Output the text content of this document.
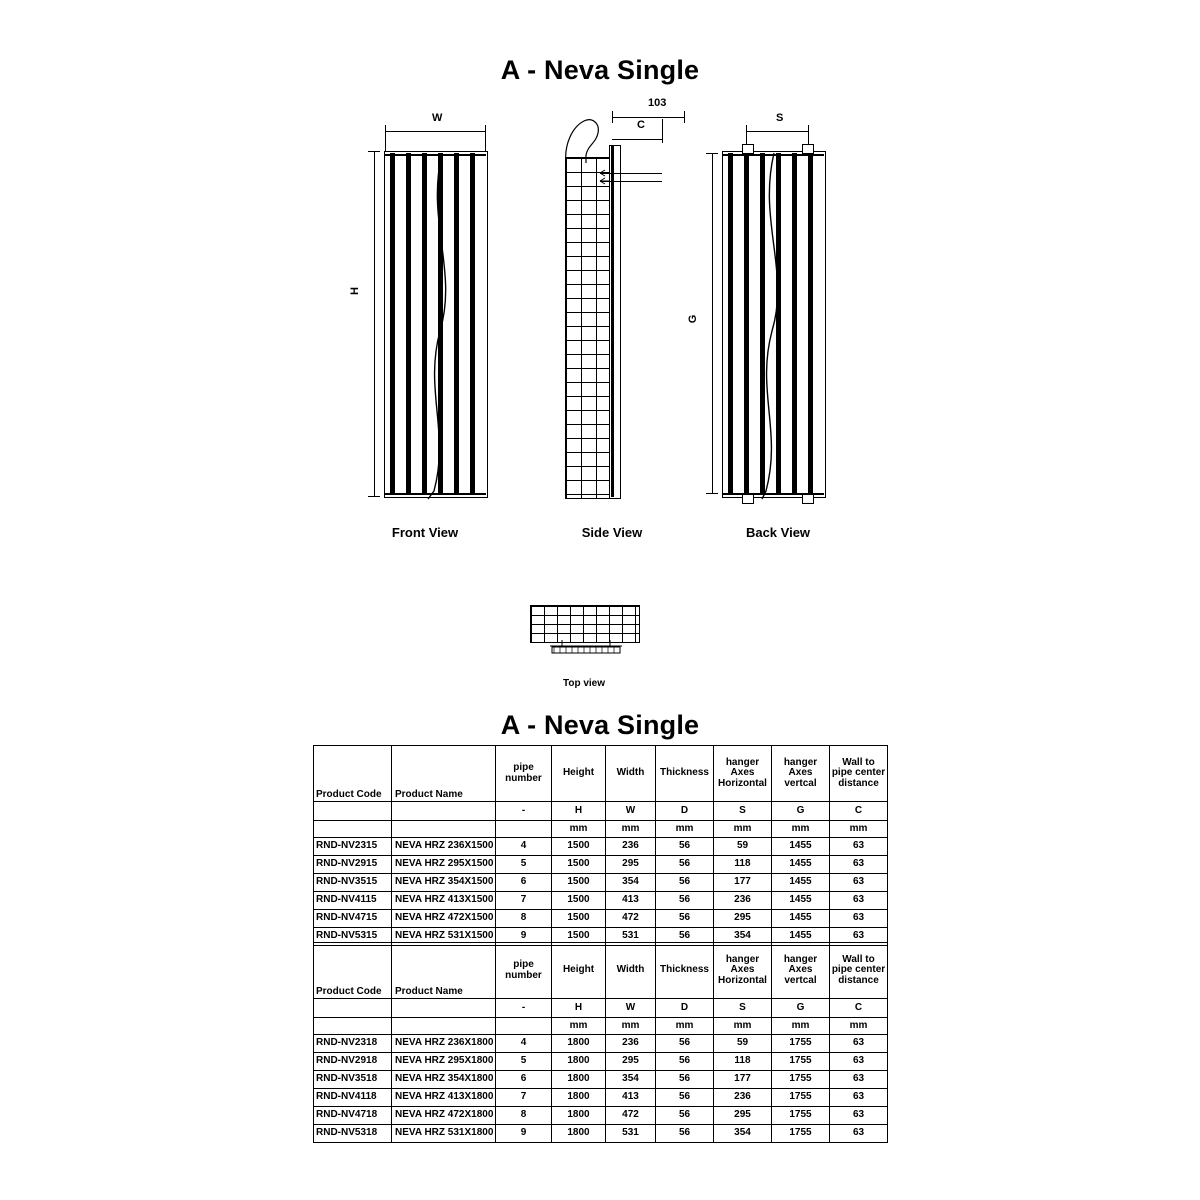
A - Neva Single
W
H
Front View
103
C
Side View
S
G
Back View
Top view
A - Neva Single
Product Code	Product Name	pipe number	Height	Width	Thickness	hanger Axes Horizontal	hanger Axes vertcal	Wall to pipe center distance
		-	H	W	D	S	G	C
			mm	mm	mm	mm	mm	mm
RND-NV2315	NEVA HRZ 236X1500	4	1500	236	56	59	1455	63
RND-NV2915	NEVA HRZ 295X1500	5	1500	295	56	118	1455	63
RND-NV3515	NEVA HRZ 354X1500	6	1500	354	56	177	1455	63
RND-NV4115	NEVA HRZ 413X1500	7	1500	413	56	236	1455	63
RND-NV4715	NEVA HRZ 472X1500	8	1500	472	56	295	1455	63
RND-NV5315	NEVA HRZ 531X1500	9	1500	531	56	354	1455	63
Product Code	Product Name	pipe number	Height	Width	Thickness	hanger Axes Horizontal	hanger Axes vertcal	Wall to pipe center distance
		-	H	W	D	S	G	C
			mm	mm	mm	mm	mm	mm
RND-NV2318	NEVA HRZ 236X1800	4	1800	236	56	59	1755	63
RND-NV2918	NEVA HRZ 295X1800	5	1800	295	56	118	1755	63
RND-NV3518	NEVA HRZ 354X1800	6	1800	354	56	177	1755	63
RND-NV4118	NEVA HRZ 413X1800	7	1800	413	56	236	1755	63
RND-NV4718	NEVA HRZ 472X1800	8	1800	472	56	295	1755	63
RND-NV5318	NEVA HRZ 531X1800	9	1800	531	56	354	1755	63
